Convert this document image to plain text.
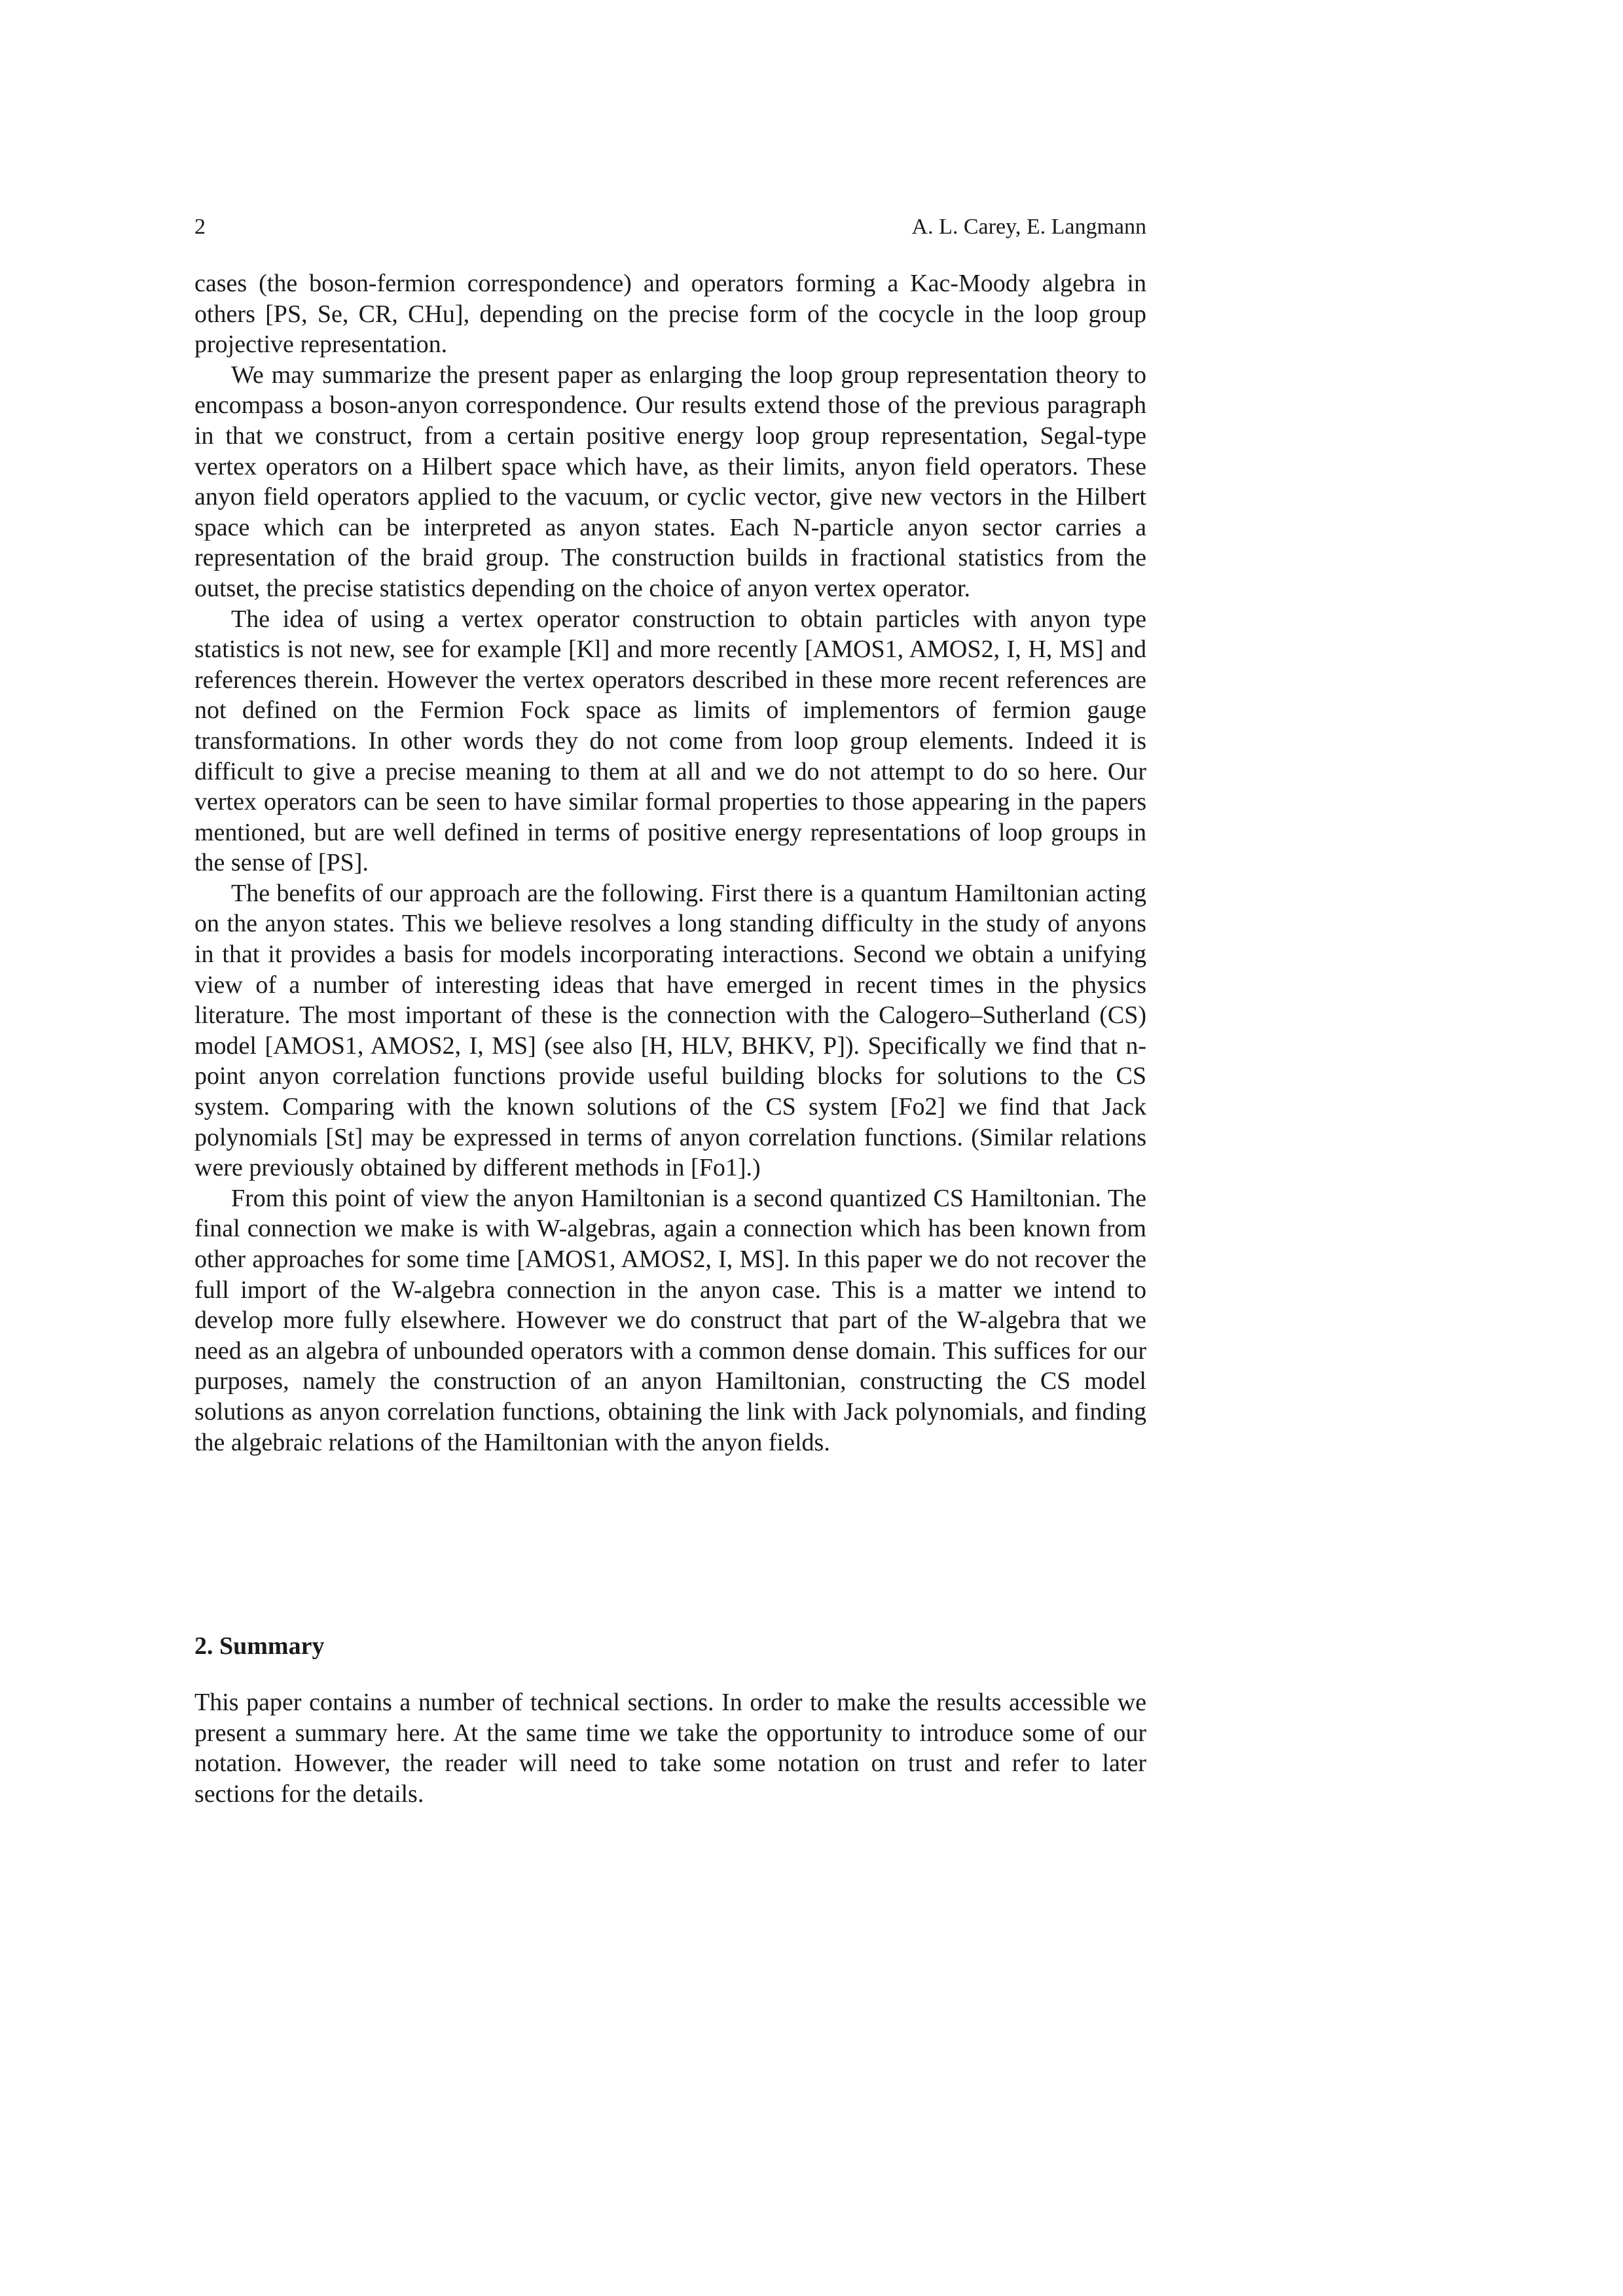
2	A. L. Carey, E. Langmann

cases (the boson-fermion correspondence) and operators forming a Kac-Moody algebra in others [PS, Se, CR, CHu], depending on the precise form of the cocycle in the loop group projective representation.

We may summarize the present paper as enlarging the loop group representation theory to encompass a boson-anyon correspondence. Our results extend those of the previous paragraph in that we construct, from a certain positive energy loop group representation, Segal-type vertex operators on a Hilbert space which have, as their limits, anyon field operators. These anyon field operators applied to the vacuum, or cyclic vector, give new vectors in the Hilbert space which can be interpreted as anyon states. Each N-particle anyon sector carries a representation of the braid group. The construction builds in fractional statistics from the outset, the precise statistics depending on the choice of anyon vertex operator.

The idea of using a vertex operator construction to obtain particles with anyon type statistics is not new, see for example [Kl] and more recently [AMOS1, AMOS2, I, H, MS] and references therein. However the vertex operators described in these more recent references are not defined on the Fermion Fock space as limits of implementors of fermion gauge transformations. In other words they do not come from loop group elements. Indeed it is difficult to give a precise meaning to them at all and we do not attempt to do so here. Our vertex operators can be seen to have similar formal properties to those appearing in the papers mentioned, but are well defined in terms of positive energy representations of loop groups in the sense of [PS].

The benefits of our approach are the following. First there is a quantum Hamiltonian acting on the anyon states. This we believe resolves a long standing difficulty in the study of anyons in that it provides a basis for models incorporating interactions. Second we obtain a unifying view of a number of interesting ideas that have emerged in recent times in the physics literature. The most important of these is the connection with the Calogero–Sutherland (CS) model [AMOS1, AMOS2, I, MS] (see also [H, HLV, BHKV, P]). Specifically we find that n-point anyon correlation functions provide useful building blocks for solutions to the CS system. Comparing with the known solutions of the CS system [Fo2] we find that Jack polynomials [St] may be expressed in terms of anyon correlation functions. (Similar relations were previously obtained by different methods in [Fo1].)

From this point of view the anyon Hamiltonian is a second quantized CS Hamiltonian. The final connection we make is with W-algebras, again a connection which has been known from other approaches for some time [AMOS1, AMOS2, I, MS]. In this paper we do not recover the full import of the W-algebra connection in the anyon case. This is a matter we intend to develop more fully elsewhere. However we do construct that part of the W-algebra that we need as an algebra of unbounded operators with a common dense domain. This suffices for our purposes, namely the construction of an anyon Hamiltonian, constructing the CS model solutions as anyon correlation functions, obtaining the link with Jack polynomials, and finding the algebraic relations of the Hamiltonian with the anyon fields.

2. Summary

This paper contains a number of technical sections. In order to make the results accessible we present a summary here. At the same time we take the opportunity to introduce some of our notation. However, the reader will need to take some notation on trust and refer to later sections for the details.
